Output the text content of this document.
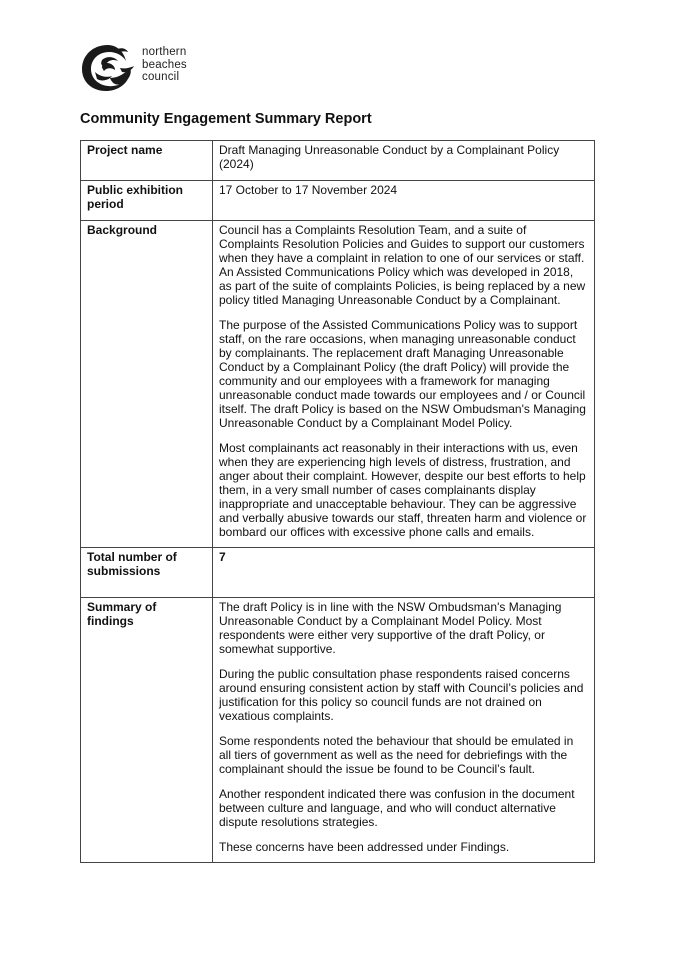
northern
beaches
council
Community Engagement Summary Report
Project name	Draft Managing Unreasonable Conduct by a Complainant Policy (2024)

Public exhibition period	17 October to 17 November 2024

Background	Council has a Complaints Resolution Team, and a suite of Complaints Resolution Policies and Guides to support our customers when they have a complaint in relation to one of our services or staff. An Assisted Communications Policy which was developed in 2018, as part of the suite of complaints Policies, is being replaced by a new policy titled Managing Unreasonable Conduct by a Complainant.

The purpose of the Assisted Communications Policy was to support staff, on the rare occasions, when managing unreasonable conduct by complainants. The replacement draft Managing Unreasonable Conduct by a Complainant Policy (the draft Policy) will provide the community and our employees with a framework for managing unreasonable conduct made towards our employees and / or Council itself. The draft Policy is based on the NSW Ombudsman's Managing Unreasonable Conduct by a Complainant Model Policy.

Most complainants act reasonably in their interactions with us, even when they are experiencing high levels of distress, frustration, and anger about their complaint. However, despite our best efforts to help them, in a very small number of cases complainants display inappropriate and unacceptable behaviour. They can be aggressive and verbally abusive towards our staff, threaten harm and violence or bombard our offices with excessive phone calls and emails.

Total number of submissions	7

Summary of findings	The draft Policy is in line with the NSW Ombudsman's Managing Unreasonable Conduct by a Complainant Model Policy. Most respondents were either very supportive of the draft Policy, or somewhat supportive.

During the public consultation phase respondents raised concerns around ensuring consistent action by staff with Council’s policies and justification for this policy so council funds are not drained on vexatious complaints.

Some respondents noted the behaviour that should be emulated in all tiers of government as well as the need for debriefings with the complainant should the issue be found to be Council’s fault.

Another respondent indicated there was confusion in the document between culture and language, and who will conduct alternative dispute resolutions strategies.

These concerns have been addressed under Findings.
